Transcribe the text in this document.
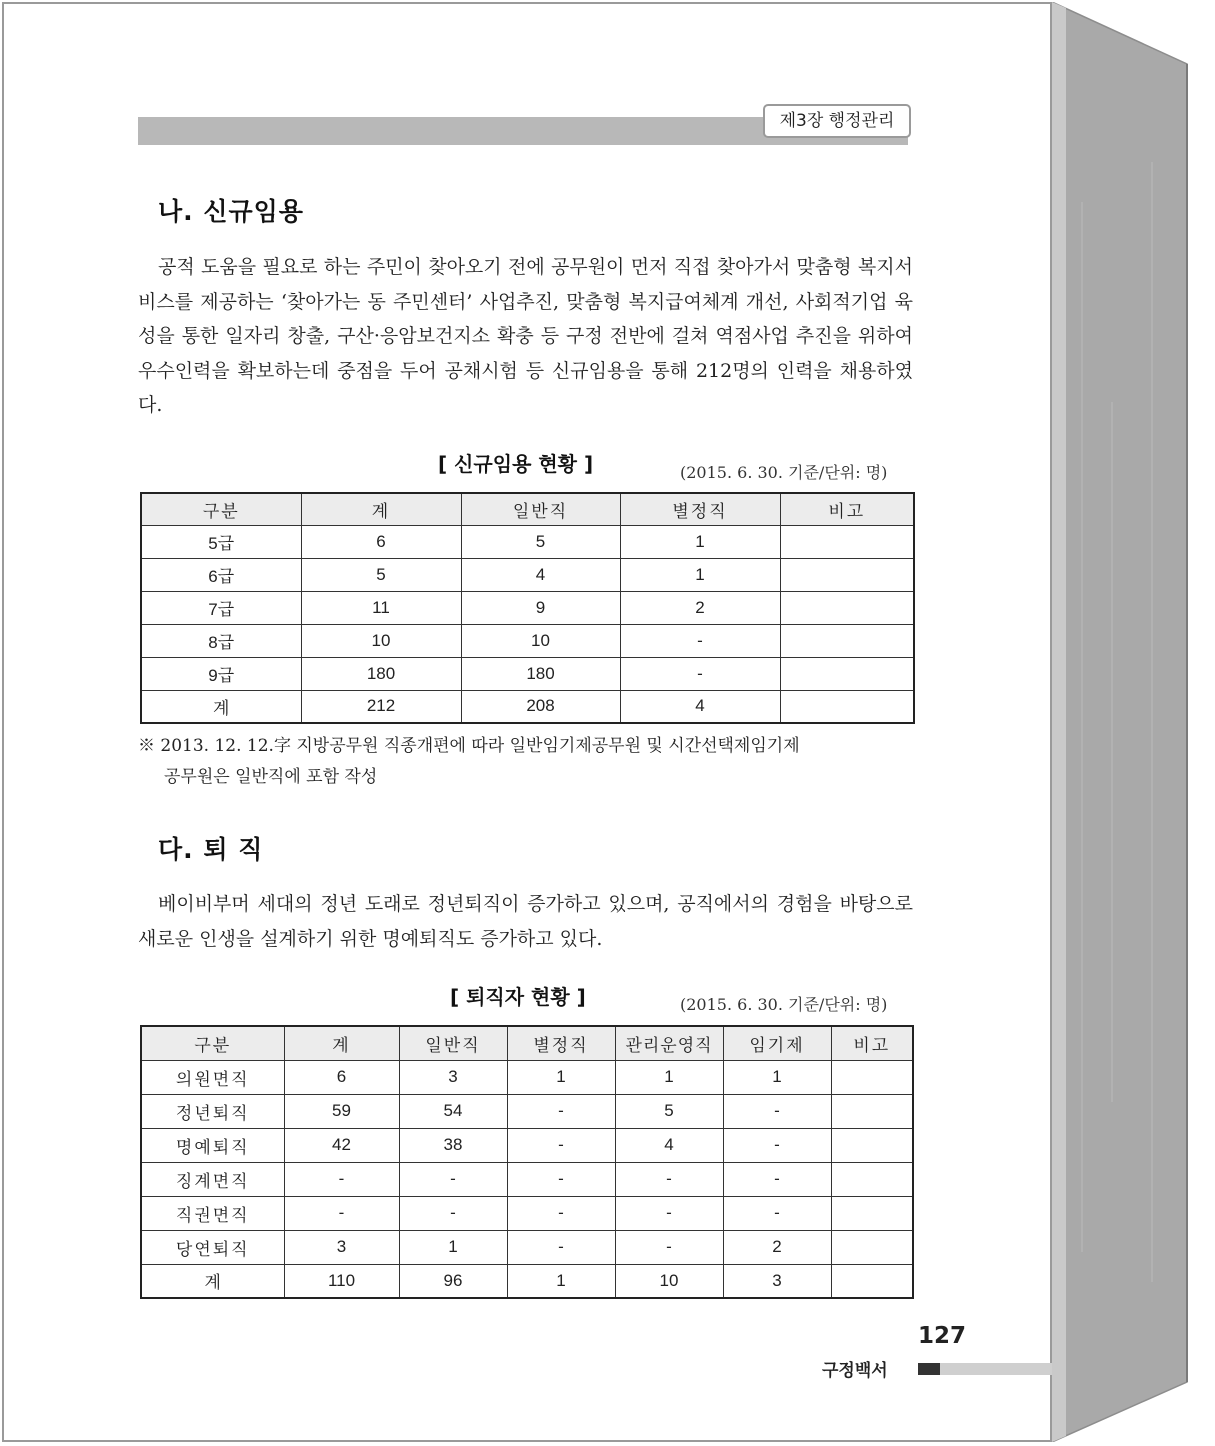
제3장 행정관리
나. 신규임용

공적 도움을 필요로 하는 주민이 찾아오기 전에 공무원이 먼저 직접 찾아가서 맞춤형 복지서비스를 제공하는 ‘찾아가는 동 주민센터’ 사업추진, 맞춤형 복지급여체계 개선, 사회적기업 육성을 통한 일자리 창출, 구산·응암보건지소 확충 등 구정 전반에 걸쳐 역점사업 추진을 위하여 우수인력을 확보하는데 중점을 두어 공채시험 등 신규임용을 통해 212명의 인력을 채용하였다.

[ 신규임용 현황 ]	(2015. 6. 30. 기준/단위: 명)
구분	계	일반직	별정직	비고
5급	6	5	1	
6급	5	4	1	
7급	11	9	2	
8급	10	10	-	
9급	180	180	-	
계	212	208	4	
※ 2013. 12. 12.字 지방공무원 직종개편에 따라 일반임기제공무원 및 시간선택제임기제
공무원은 일반직에 포함 작성
다. 퇴 직

베이비부머 세대의 정년 도래로 정년퇴직이 증가하고 있으며, 공직에서의 경험을 바탕으로 새로운 인생을 설계하기 위한 명예퇴직도 증가하고 있다.

[ 퇴직자 현황 ]	(2015. 6. 30. 기준/단위: 명)
구분	계	일반직	별정직	관리운영직	임기제	비고
의원면직	6	3	1	1	1	
정년퇴직	59	54	-	5	-	
명예퇴직	42	38	-	4	-	
징계면직	-	-	-	-	-	
직권면직	-	-	-	-	-	
당연퇴직	3	1	-	-	2	
계	110	96	1	10	3	
127
구정백서
